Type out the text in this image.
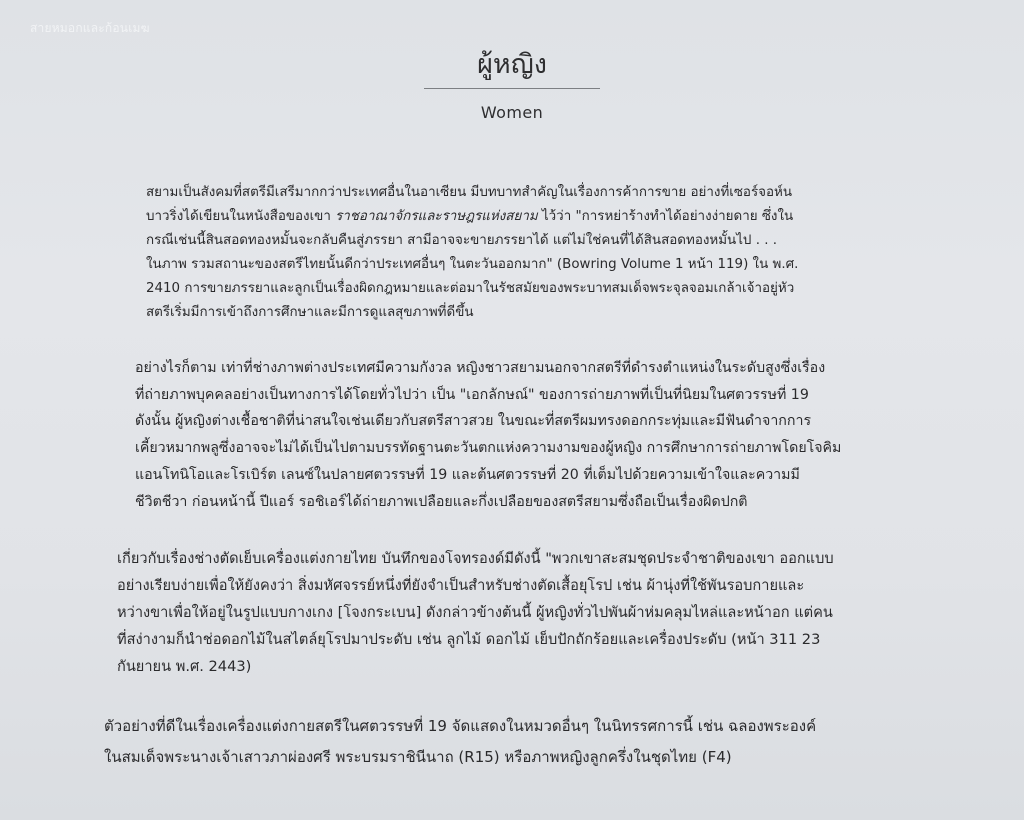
สายหมอกและก้อนเมฆ
ผู้หญิง
Women
สยามเป็นสังคมที่สตรีมีเสรีมากกว่าประเทศอื่นในอาเซียน มีบทบาทสำคัญในเรื่องการค้าการขาย อย่างที่เซอร์จอห์น
บาวริ่งได้เขียนในหนังสือของเขา ราชอาณาจักรและราษฎรแห่งสยาม ไว้ว่า "การหย่าร้างทำได้อย่างง่ายดาย ซึ่งใน
กรณีเช่นนี้สินสอดทองหมั้นจะกลับคืนสู่ภรรยา สามีอาจจะขายภรรยาได้ แต่ไม่ใช่คนที่ได้สินสอดทองหมั้นไป . . .
ในภาพ รวมสถานะของสตรีไทยนั้นดีกว่าประเทศอื่นๆ ในตะวันออกมาก" (Bowring Volume 1 หน้า 119) ใน พ.ศ.
2410 การขายภรรยาและลูกเป็นเรื่องผิดกฎหมายและต่อมาในรัชสมัยของพระบาทสมเด็จพระจุลจอมเกล้าเจ้าอยู่หัว
สตรีเริ่มมีการเข้าถึงการศึกษาและมีการดูแลสุขภาพที่ดีขึ้น
อย่างไรก็ตาม เท่าที่ช่างภาพต่างประเทศมีความกังวล หญิงชาวสยามนอกจากสตรีที่ดำรงตำแหน่งในระดับสูงซึ่งเรื่อง
ที่ถ่ายภาพบุคคลอย่างเป็นทางการได้โดยทั่วไปว่า เป็น "เอกลักษณ์" ของการถ่ายภาพที่เป็นที่นิยมในศตวรรษที่ 19
ดังนั้น ผู้หญิงต่างเชื้อชาติที่น่าสนใจเช่นเดียวกับสตรีสาวสวย ในขณะที่สตรีผมทรงดอกกระทุ่มและมีฟันดำจากการ
เคี้ยวหมากพลูซึ่งอาจจะไม่ได้เป็นไปตามบรรทัดฐานตะวันตกแห่งความงามของผู้หญิง การศึกษาการถ่ายภาพโดยโจคิม
แอนโทนิโอและโรเบิร์ต เลนซ์ในปลายศตวรรษที่ 19 และต้นศตวรรษที่ 20 ที่เต็มไปด้วยความเข้าใจและความมี
ชีวิตชีวา ก่อนหน้านี้ ปีแอร์ รอชิเอร์ได้ถ่ายภาพเปลือยและกึ่งเปลือยของสตรีสยามซึ่งถือเป็นเรื่องผิดปกติ
เกี่ยวกับเรื่องช่างตัดเย็บเครื่องแต่งกายไทย บันทึกของโจทรองด์มีดังนี้ "พวกเขาสะสมชุดประจำชาติของเขา ออกแบบ
อย่างเรียบง่ายเพื่อให้ยังคงว่า สิ่งมหัศจรรย์หนึ่งที่ยังจำเป็นสำหรับช่างตัดเสื้อยุโรป เช่น ผ้านุ่งที่ใช้พันรอบกายและ
หว่างขาเพื่อให้อยู่ในรูปแบบกางเกง [โจงกระเบน] ดังกล่าวข้างต้นนี้ ผู้หญิงทั่วไปพันผ้าห่มคลุมไหล่และหน้าอก แต่คน
ที่สง่างามก็นำช่อดอกไม้ในสไตล์ยุโรปมาประดับ เช่น ลูกไม้ ดอกไม้ เย็บปักถักร้อยและเครื่องประดับ (หน้า 311 23
กันยายน พ.ศ. 2443)
ตัวอย่างที่ดีในเรื่องเครื่องแต่งกายสตรีในศตวรรษที่ 19 จัดแสดงในหมวดอื่นๆ ในนิทรรศการนี้ เช่น ฉลองพระองค์
ในสมเด็จพระนางเจ้าเสาวภาผ่องศรี พระบรมราชินีนาถ (R15) หรือภาพหญิงลูกครึ่งในชุดไทย (F4)
